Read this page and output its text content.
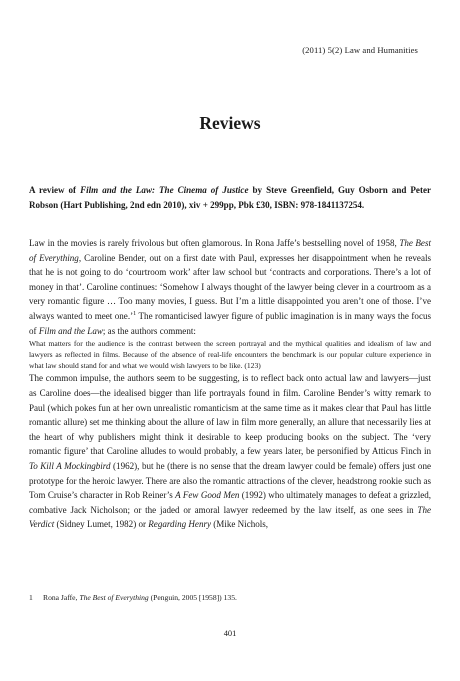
(2011) 5(2) Law and Humanities
Reviews
A review of Film and the Law: The Cinema of Justice by Steve Greenfield, Guy Osborn and Peter Robson (Hart Publishing, 2nd edn 2010), xiv + 299pp, Pbk £30, ISBN: 978-1841137254.

Law in the movies is rarely frivolous but often glamorous. In Rona Jaffe’s bestselling novel of 1958, The Best of Everything, Caroline Bender, out on a first date with Paul, expresses her disappointment when he reveals that he is not going to do ‘courtroom work’ after law school but ‘contracts and corporations. There’s a lot of money in that’. Caroline continues: ‘Somehow I always thought of the lawyer being clever in a courtroom as a very romantic figure … Too many movies, I guess. But I’m a little disappointed you aren’t one of those. I’ve always wanted to meet one.’$^1$ The romanticised lawyer figure of public imagination is in many ways the focus of Film and the Law; as the authors comment:

What matters for the audience is the contrast between the screen portrayal and the mythical qualities and idealism of law and lawyers as reflected in films. Because of the absence of real-life encounters the benchmark is our popular culture experience in what law should stand for and what we would wish lawyers to be like. (123)

The common impulse, the authors seem to be suggesting, is to reflect back onto actual law and lawyers—just as Caroline does—the idealised bigger than life portrayals found in film. Caroline Bender’s witty remark to Paul (which pokes fun at her own unrealistic romanticism at the same time as it makes clear that Paul has little romantic allure) set me thinking about the allure of law in film more generally, an allure that necessarily lies at the heart of why publishers might think it desirable to keep producing books on the subject. The ‘very romantic figure’ that Caroline alludes to would probably, a few years later, be personified by Atticus Finch in To Kill A Mockingbird (1962), but he (there is no sense that the dream lawyer could be female) offers just one prototype for the heroic lawyer. There are also the romantic attractions of the clever, headstrong rookie such as Tom Cruise’s character in Rob Reiner’s A Few Good Men (1992) who ultimately manages to defeat a grizzled, combative Jack Nicholson; or the jaded or amoral lawyer redeemed by the law itself, as one sees in The Verdict (Sidney Lumet, 1982) or Regarding Henry (Mike Nichols,

1 Rona Jaffe, The Best of Everything (Penguin, 2005 [1958]) 135.
401
